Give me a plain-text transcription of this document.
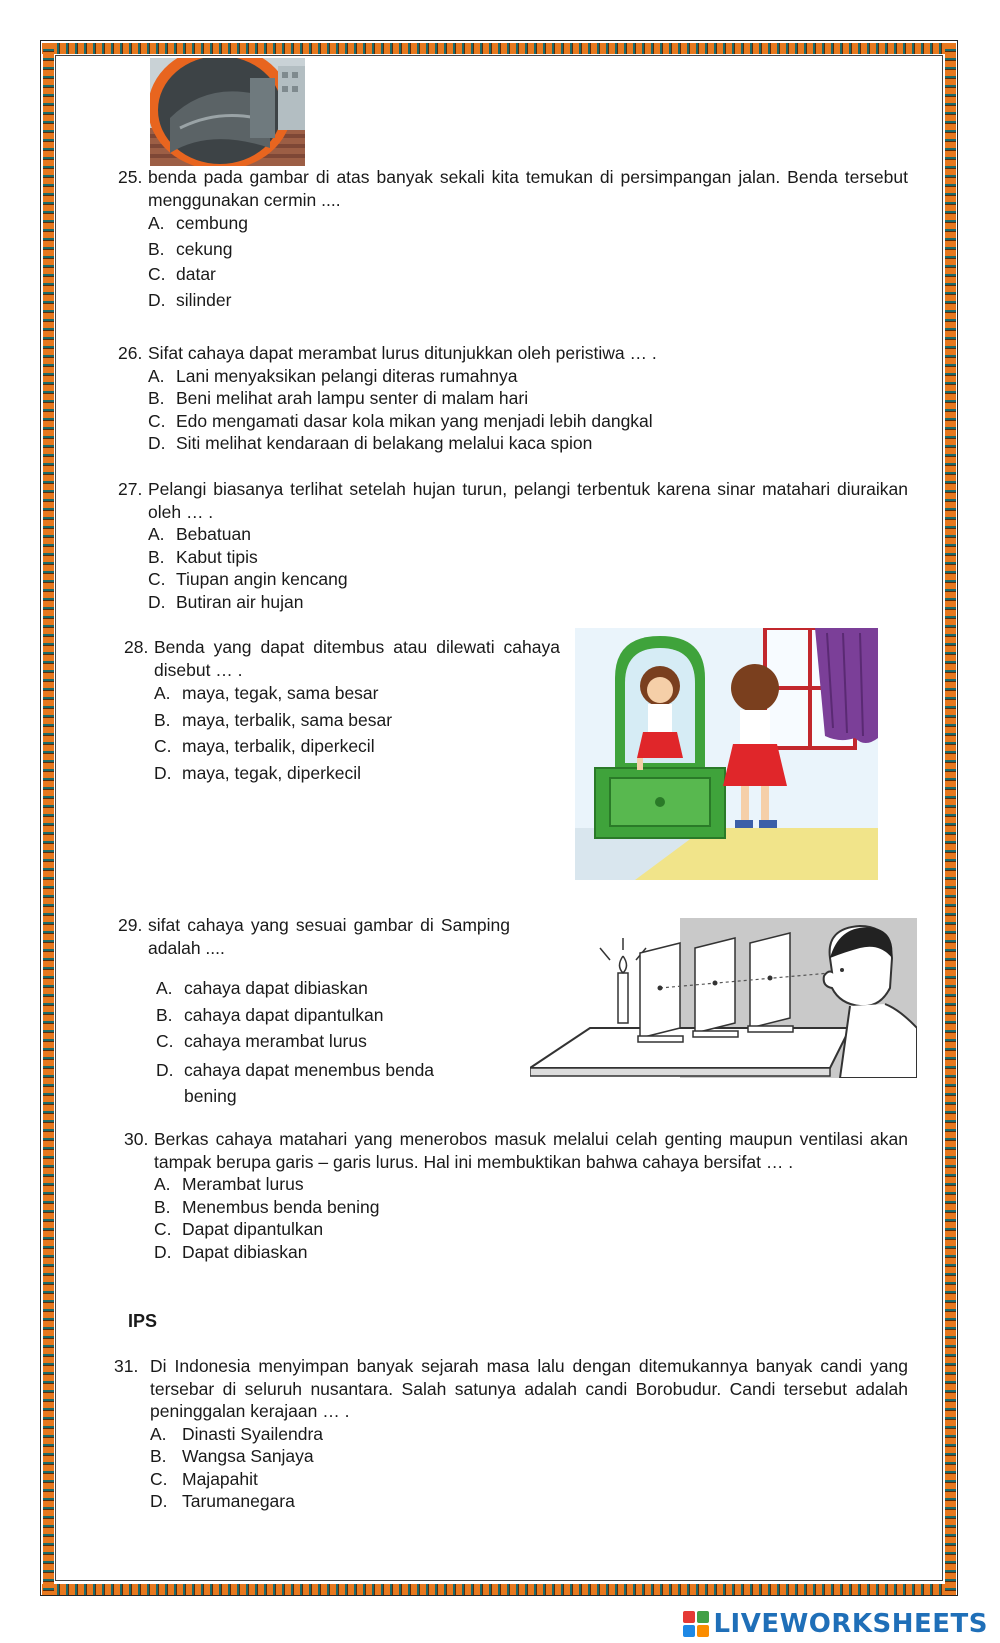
25. benda pada gambar di atas banyak sekali kita temukan di persimpangan jalan. Benda tersebut menggunakan cermin ....
A. cembung
B. cekung
C. datar
D. silinder
26. Sifat cahaya dapat merambat lurus ditunjukkan oleh peristiwa … .
A. Lani menyaksikan pelangi diteras rumahnya
B. Beni melihat arah lampu senter di malam hari
C. Edo mengamati dasar kola mikan yang menjadi lebih dangkal
D. Siti melihat kendaraan di belakang melalui kaca spion
27. Pelangi biasanya terlihat setelah hujan turun, pelangi terbentuk karena sinar matahari diuraikan oleh … .
A. Bebatuan
B. Kabut tipis
C. Tiupan angin kencang
D. Butiran air hujan
28. Benda yang dapat ditembus atau dilewati cahaya disebut … .
A. maya, tegak, sama besar
B. maya, terbalik, sama besar
C. maya, terbalik, diperkecil
D. maya, tegak, diperkecil
29. sifat cahaya yang sesuai gambar di Samping adalah ....
A. cahaya dapat dibiaskan
B. cahaya dapat dipantulkan
C. cahaya merambat lurus
D. cahaya dapat menembus benda bening
30. Berkas cahaya matahari yang menerobos masuk melalui celah genting maupun ventilasi akan tampak berupa garis – garis lurus. Hal ini membuktikan bahwa cahaya bersifat … .
A. Merambat lurus
B. Menembus benda bening
C. Dapat dipantulkan
D. Dapat dibiaskan
IPS
31. Di Indonesia menyimpan banyak sejarah masa lalu dengan ditemukannya banyak candi yang tersebar di seluruh nusantara. Salah satunya adalah candi Borobudur. Candi tersebut adalah peninggalan kerajaan … .
A. Dinasti Syailendra
B. Wangsa Sanjaya
C. Majapahit
D. Tarumanegara
LIVEWORKSHEETS
